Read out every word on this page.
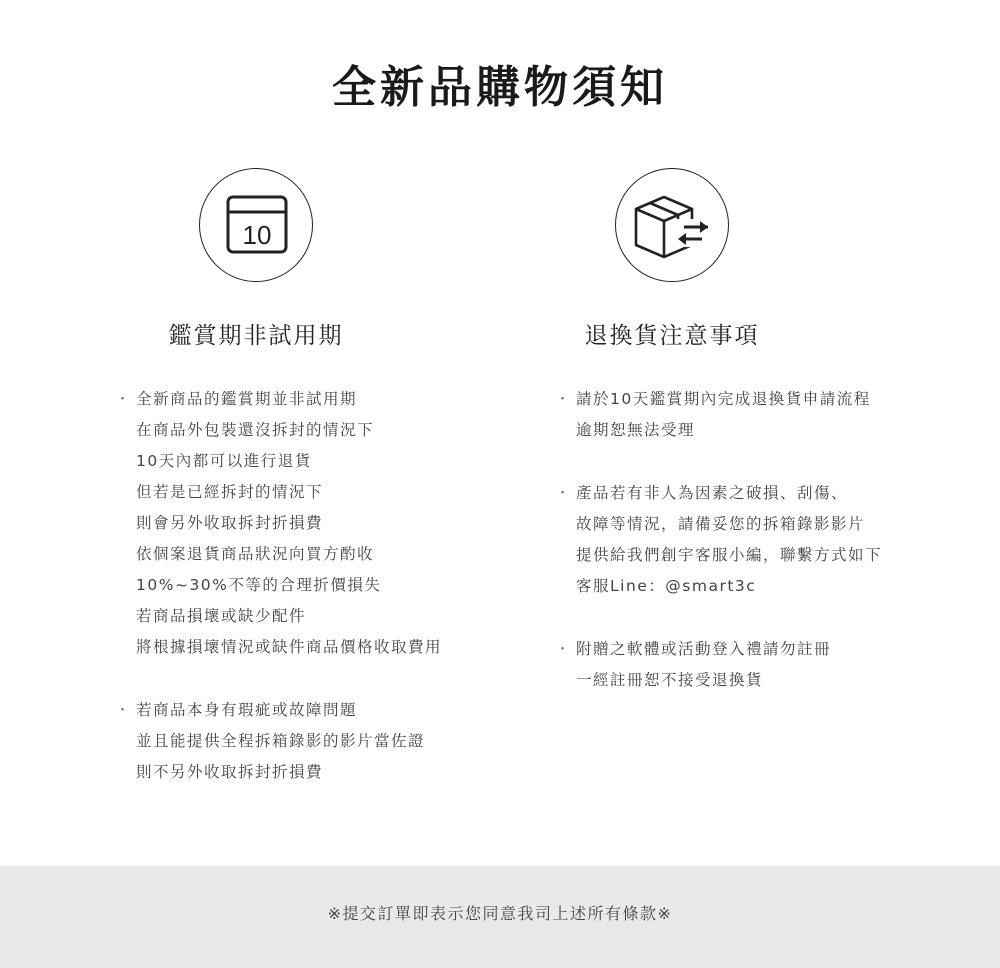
全新品購物須知
10
鑑賞期非試用期
・ 全新商品的鑑賞期並非試用期
在商品外包裝還沒拆封的情況下
10天內都可以進行退貨
但若是已經拆封的情況下
則會另外收取拆封折損費
依個案退貨商品狀況向買方酌收
10%~30%不等的合理折價損失
若商品損壞或缺少配件
將根據損壞情況或缺件商品價格收取費用
・ 若商品本身有瑕疵或故障問題
並且能提供全程拆箱錄影的影片當佐證
則不另外收取拆封折損費
退換貨注意事項
・ 請於10天鑑賞期內完成退換貨申請流程
逾期恕無法受理
・ 產品若有非人為因素之破損、刮傷、
故障等情況，請備妥您的拆箱錄影影片
提供給我們創宇客服小編，聯繫方式如下
客服Line：@smart3c
・ 附贈之軟體或活動登入禮請勿註冊
一經註冊恕不接受退換貨
※提交訂單即表示您同意我司上述所有條款※
